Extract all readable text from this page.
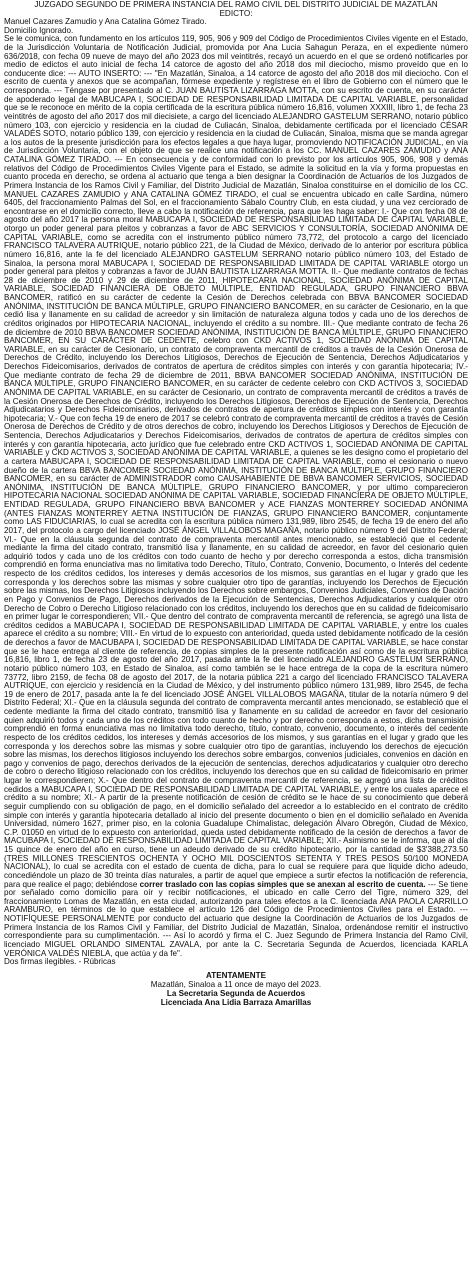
JUZGADO SEGUNDO DE PRIMERA INSTANCIA DEL RAMO CIVIL DEL DISTRITO JUDICIAL DE MAZATLÁN
EDICTO:
Manuel Cazares Zamudio y Ana Catalina Gómez Tirado.
Domicilio Ignorado.

Se le comunica, con fundamento en los artículos 119, 905, 906 y 909 del Código de Procedimientos Civiles vigente en el Estado, de la Jurisdicción Voluntaria de Notificación Judicial, promovida por Ana Lucia Sahagun Peraza, en el expediente número 636/2018, con fecha 09 nueve de mayo del año 2023 dos mil veintitrés, recayó un acuerdo en el que se ordenó notificarles por medio de edictos el auto inicial de fecha 14 catorce de agosto del año 2018 dos mil dieciocho, mismo proveído que en lo conducente dice: --- AUTO INSERTO: --- "En Mazatlán, Sinaloa, a 14 catorce de agosto del año 2018 dos mil dieciocho. Con el escrito de cuenta y anexos que se acompañan, fórmese expediente y regístrese en el libro de Gobierno con el número que le corresponda. --- Téngase por presentado al C. JUAN BAUTISTA LIZARRAGA MOTTA, con su escrito de cuenta, en su carácter de apoderado legal de MABUCAPA I, SOCIEDAD DE RESPONSABILIDAD LIMITADA DE CAPITAL VARIABLE, personalidad que se le reconoce en mérito de la copia certificada de la escritura pública número 16,816, volumen XXXIII, libro 1, de fecha 23 veintitrés de agosto del año 2017 dos mil diecisiete, a cargo del licenciado ALEJANDRO GASTELUM SERRANO, notario público número 103, con ejercicio y residencia en la ciudad de Culiacán, Sinaloa, debidamente certificada por el licenciado CÉSAR VALADÉS SOTO, notario público 139, con ejercicio y residencia en la ciudad de Culiacán, Sinaloa, misma que se manda agregar a los autos de la presente jurisdicción para los efectos legales a que haya lugar, promoviendo NOTIFICACIÓN JUDICIAL, en vía de Jurisdicción Voluntaria, con el objeto de que se realice una notificación a los CC. MANUEL CAZARES ZAMUDIO y ANA CATALINA GÓMEZ TIRADO. --- En consecuencia y de conformidad con lo previsto por los artículos 905, 906, 908 y demás relativos del Código de Procedimientos Civiles Vigente para el Estado, se admite la solicitud en la vía y forma propuestas en cuanto proceda en derecho, se ordena al actuario que tenga a bien designar la Coordinación de Actuarios de los Juzgados de Primera Instancia de los Ramos Civil y Familiar, del Distrito Judicial de Mazatlán, Sinaloa constituirse en el domicilio de los CC. MANUEL CAZARES ZAMUDIO y ANA CATALINA GÓMEZ TIRADO, el cual se encuentra ubicado en calle Sardina, número 6405, del fraccionamiento Palmas del Sol, en el fraccionamiento Sábalo Country Club, en esta ciudad, y una vez cerciorado de encontrarse en el domicilio correcto, lleve a cabo la notificación de referencia, para que les haga saber: I.- Que con fecha 08 de agosto del año 2017 la persona moral MABUCAPA I, SOCIEDAD DE RESPONSABILIDAD LIMITADA DE CAPITAL VARIABLE, otorgo un poder general para pleitos y cobranzas a favor de ABC SERVICIOS Y CONSULTORÍA, SOCIEDAD ANÓNIMA DE CAPITAL VARIABLE, como se acredita con el instrumento público número 73,772, del protocolo a cargo del licenciado FRANCISCO TALAVERA AUTRIQUE, notario público 221, de la Ciudad de México, derivado de lo anterior por escritura pública número 16,816, ante la fe del licenciado ALEJANDRO GASTELUM SERRANO notario público número 103, del Estado de Sinaloa, la persona moral MABUCAPA I, SOCIEDAD DE RESPONSABILIDAD LIMITADA DE CAPITAL VARIABLE otorgo un poder general para pleitos y cobranzas a favor de JUAN BAUTISTA LIZARRAGA MOTTA. II.- Que mediante contratos de fechas 28 de diciembre de 2010 y 29 de diciembre de 2011, HIPOTECARIA NACIONAL, SOCIEDAD ANÓNIMA DE CAPITAL VARIABLE, SOCIEDAD FINANCIERA DE OBJETO MÚLTIPLE, ENTIDAD REGULADA, GRUPO FINANCIERO BBVA BANCOMER, ratificó en su carácter de cedente la Cesión de Derechos celebrada con BBVA BANCOMER SOCIEDAD ANÓNIMA, INSTITUCIÓN DE BANCA MÚLTIPLE, GRUPO FINANCIERO BANCOMER, en su carácter de Cesionario, en la que cedió lisa y llanamente en su calidad de acreedor y sin limitación de naturaleza alguna todos y cada uno de los derechos de créditos originados por HIPOTECARIA NACIONAL, incluyendo el crédito a su nombre. III.- Que mediante contrato de fecha 26 de diciembre de 2010 BBVA BANCOMER SOCIEDAD ANÓNIMA, INSTITUCIÓN DE BANCA MÚLTIPLE, GRUPO FINANCIERO BANCOMER, EN SU CARÁCTER DE CEDENTE, celebro con CKD ACTIVOS 1, SOCIEDAD ANÓNIMA DE CAPITAL VARIABLE, en su carácter de Cesionario, un contrato de compraventa mercantil de créditos a través de la Cesión Onerosa de Derechos de Crédito, incluyendo los Derechos Litigiosos, Derechos de Ejecución de Sentencia, Derechos Adjudicatarios y Derechos Fideicomisarios, derivados de contratos de apertura de créditos simples con interés y con garantía hipotecaria; IV.- Que mediante contrato de fecha 29 de diciembre de 2011, BBVA BANCOMER SOCIEDAD ANÓNIMA, INSTITUCIÓN DE BANCA MÚLTIPLE, GRUPO FINANCIERO BANCOMER, en su carácter de cedente celebro con CKD ACTIVOS 3, SOCIEDAD ANÓNIMA DE CAPITAL VARIABLE, en su carácter de Cesionario, un contrato de compraventa mercantil de créditos a través de la Cesión Onerosa de Derechos de Crédito, incluyendo los Derechos Litigiosos, Derechos de Ejecución de Sentencia, Derechos Adjudicatarios y Derechos Fideicomisarios, derivados de contratos de apertura de créditos simples con interés y con garantía hipotecaria; V.- Que con fecha 19 de enero de 2017 se celebró contrato de compraventa mercantil de créditos a través de Cesión Onerosa de Derechos de Crédito y de otros derechos de cobro, incluyendo los Derechos Litigiosos y Derechos de Ejecución de Sentencia, Derechos Adjudicatarios y Derechos Fideicomisarios, derivados de contratos de apertura de créditos simples con interés y con garantía hipotecaria, acto jurídico que fue celebrado entre CKD ACTIVOS 1, SOCIEDAD ANÓNIMA DE CAPITAL VARIABLE y CKD ACTIVOS 3, SOCIEDAD ANÓNIMA DE CAPITAL VARIABLE, a quienes se les designo como el propietario del a cartera MABUCAPA I, SOCIEDAD DE RESPONSABILIDAD LIMITADA DE CAPITAL VARIABLE, como el cesionario o nuevo dueño de la cartera BBVA BANCOMER SOCIEDAD ANÓNIMA, INSTITUCIÓN DE BANCA MÚLTIPLE, GRUPO FINANCIERO BANCOMER, en su carácter de ADMINISTRADOR como CAUSAHABIENTE DE BBVA BANCOMER SERVICIOS, SOCIEDAD ANÓNIMA, INSTITUCIÓN DE BANCA MÚLTIPLE, GRUPO FINANCIERO BANCOMER, y por ultimo comparecieron HIPOTECARIA NACIONAL SOCIEDAD ANÓNIMA DE CAPITAL VARIABLE, SOCIEDAD FINANCIERA DE OBJETO MÚLTIPLE, ENTIDAD REGULADA, GRUPO FINANCIERO BBVA BANCOMER y ACE FIANZAS MONTERREY SOCIEDAD ANÓNIMA (ANTES FIANZAS MONTERREY AETNA INSTITUCIÓN DE FIANZAS, GRUPO FINANCIERO BANCOMER, conjuntamente como LAS FIDUCIARIAS, lo cual se acredita con la escritura pública número 131,989, libro 2545, de fecha 19 de enero del año 2017, del protocolo a cargo del licenciado JOSÉ ÁNGEL VILLALOBOS MAGAÑA, notario público número 9 del Distrito Federal; VI.- Que en la cláusula segunda del contrato de compraventa mercantil antes mencionado, se estableció que el cedente mediante la firma del citado contrato, transmitió lisa y llanamente, en su calidad de acreedor, en favor del cesionario quien adquirió todos y cada uno de los créditos con todo cuanto de hecho y por derecho corresponda a estos, dicha transmisión comprendió en forma enunciativa mas no limitativa todo Derecho, Título, Contrato, Convenio, Documento, o Interés del cedente respecto de los créditos cedidos, los intereses y demás accesorios de los mismos, sus garantías en el lugar y grado que les corresponda y los derechos sobre las mismas y sobre cualquier otro tipo de garantías, incluyendo los Derechos de Ejecución sobre las mismas, los Derechos Litigiosos incluyendo los Derechos sobre embargos, Convenios Judiciales, Convenios de Dación en Pago y Convenios de Pago, Derechos derivados de la Ejecución de Sentencias, Derechos Adjudicatarios y cualquier otro Derecho de Cobro o Derecho Litigioso relacionado con los créditos, incluyendo los derechos que en su calidad de fideicomisario en primer lugar le correspondieren; VII.- Que dentro del contrato de compraventa mercantil de referencia, se agregó una lista de créditos cedidos a MABUCAPA I, SOCIEDAD DE RESPONSABILIDAD LIMITADA DE CAPITAL VARIABLE, y entre los cuales aparece el crédito a su nombre; VIII.- En virtud de lo expuesto con anterioridad, queda usted debidamente notificado de la cesión de derechos a favor de MACUBAPA I, SOCIEDAD DE RESPONSABILIDAD LIMITADA DE CAPITAL VARIABLE, se hace constar que se le hace entrega al cliente de referencia, de copias simples de la presente notificación así como de la escritura pública 16,816, libro 1, de fecha 23 de agosto del año 2017, pasada ante la fe del licenciado ALEJANDRO GASTELUM SERRANO, notario público número 103, en Estado de Sinaloa, así como también se le hace entrega de la copa de la escritura número 73772, libro 2159, de fecha 08 de agosto del 2017, de la notaria pública 221 a cargo del licenciado FRANCISCO TALAVERA AUTRIQUE, con ejercicio y residencia en la Ciudad de México, y del instrumento público número 131,989, libro 2545, de fecha 19 de enero de 2017, pasada ante la fe del licenciado JOSÉ ÁNGEL VILLALOBOS MAGAÑA, titular de la notaría número 9 del Distrito Federal; XI.- Que en la cláusula segunda del contrato de compraventa mercantil antes mencionado, se estableció que el cedente mediante la firma del citado contrato, transmitió lisa y llanamente en su calidad de acreedor en favor del cesionario quien adquirió todos y cada uno de los créditos con todo cuanto de hecho y por derecho corresponda a estos, dicha transmisión comprendió en forma enunciativa mas no limitativa todo derecho, título, contrato, convenio, documento, o interés del cedente respecto de los créditos cedidos, los intereses y demás accesorios de los mismos, y sus garantías en el lugar y grado que les corresponda y los derechos sobre las mismas y sobre cualquier otro tipo de garantías, incluyendo los derechos de ejecución sobre las mismas, los derechos litigiosos incluyendo los derechos sobre embargos, convenios judiciales, convenios en dación en pago y convenios de pago, derechos derivados de la ejecución de sentencias, derechos adjudicatarios y cualquier otro derecho de cobro o derecho litigioso relacionado con los créditos, incluyendo los derechos que en su calidad de fideicomisario en primer lugar le correspondieren; X.- Que dentro del contrato de compraventa mercantil de referencia, se agregó una lista de créditos cedidos a MABUCAPA I, SOCIEDAD DE RESPONSABILIDAD LIMITADA DE CAPITAL VARIABLE, y entre los cuales aparece el crédito a su nombre; XI.- A partir de la presente notificación de cesión de crédito se le hace de su conocimiento que deberá seguir cumpliendo con su obligación de pago, en el domicilio señalado del acreedor a lo establecido en el contrato de crédito simple con interés y garantía hipotecaria detallado al inicio del presente documento o bien en el domicilio señalado en Avenida Universidad, número 1627, primer piso, en la colonia Guadalupe Chimalistac, delegación Álvaro Obregón, Ciudad de México, C.P. 01050 en virtud de lo expuesto con anterioridad, queda usted debidamente notificado de la cesión de derechos a favor de MACUBAPA I, SOCIEDAD DE RESPONSABILIDAD LIMITADA DE CAPITAL VARIABLE; XII.- Asimismo se le informa, que al día 15 quince de enero del año en curso, tiene un adeudo derivado de su crédito hipotecario, por la cantidad de $3'388,273.50 (TRES MILLONES TRESCIENTOS OCHENTA Y OCHO MIL DOSCIENTOS SETENTA Y TRES PESOS 50/100 MONEDA NACIONAL), lo cual se acredita con el estado de cuenta de dicha, para lo cual se requiere para que liquide dicho adeudo, concediéndole un plazo de 30 treinta días naturales, a partir de aquel que empiece a surtir efectos la notificación de referencia, para que realice el pago; debiéndose correr traslado con las copias simples que se anexan al escrito de cuenta. --- Se tiene por señalado como domicilio para oír y recibir notificaciones, el ubicado en calle Cerro del Tigre, número 329, del fraccionamiento Lomas de Mazatlán, en esta ciudad, autorizando para tales efectos a la C. licenciada ANA PAOLA CARRILLO ARAMBURO, en términos de lo que establece el artículo 126 del Código de Procedimientos Civiles para el Estado. --- NOTIFÍQUESE PERSONALMENTE por conducto del actuario que designe la Coordinación de Actuarios de los Juzgados de Primera Instancia de los Ramos Civil y Familiar, del Distrito Judicial de Mazatlán, Sinaloa, ordenándose remitir el instructivo correspondiente para su cumplimentación. --- Así lo acordó y firma el C. Juez Segundo de Primera Instancia del Ramo Civil, licenciado MIGUEL ORLANDO SIMENTAL ZAVALA, por ante la C. Secretaria Segunda de Acuerdos, licenciada KARLA VERÓNICA VALDÉS NIEBLA, que actúa y da fe".

Dos firmas ilegibles. - Rúbricas
ATENTAMENTE
Mazatlán, Sinaloa a 11 once de mayo del 2023.
La Secretaria Segunda de Acuerdos
Licenciada Ana Lidia Barraza Amarillas
